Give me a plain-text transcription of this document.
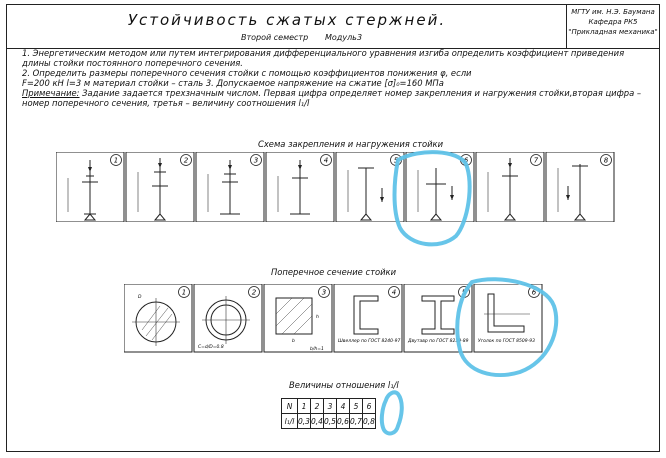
Устойчивость сжатых стержней.
Второй семестр Модуль 3
МГТУ им. Н.Э. Баумана
Кафедра РК5
"Прикладная механика"

1. Энергетическим методом или путем интегрирования дифференциального уравнения изгиба определить коэффициент приведения длины стойки постоянного поперечного сечения.

2. Определить размеры поперечного сечения стойки с помощью коэффициентов понижения φ, если

F=200 кН l=3 м материал стойки – сталь 3. Допускаемое напряжение на сжатие [σ]₀=160 МПа

Примечание: Задание задается трехзначным числом. Первая цифра определяет номер закрепления и нагружения стойки,вторая цифра – номер поперечного сечения, третья – величину соотношения l₁/l

Схема закрепления и нагружения стойки
1	2	3	4	5	6	7	8
Поперечное сечение стойки
D
1
C=d/D=0.8
2
b
h
b/h=1
3
Швеллер по ГОСТ 8240-97
4
Двутавр по ГОСТ 8239-89
5
Уголок по ГОСТ 8509-93
6
Величины отношения l₁/l
N	1	2	3	4	5	6
l₁/l	0,3	0,4	0,5	0,6	0,7	0,8
